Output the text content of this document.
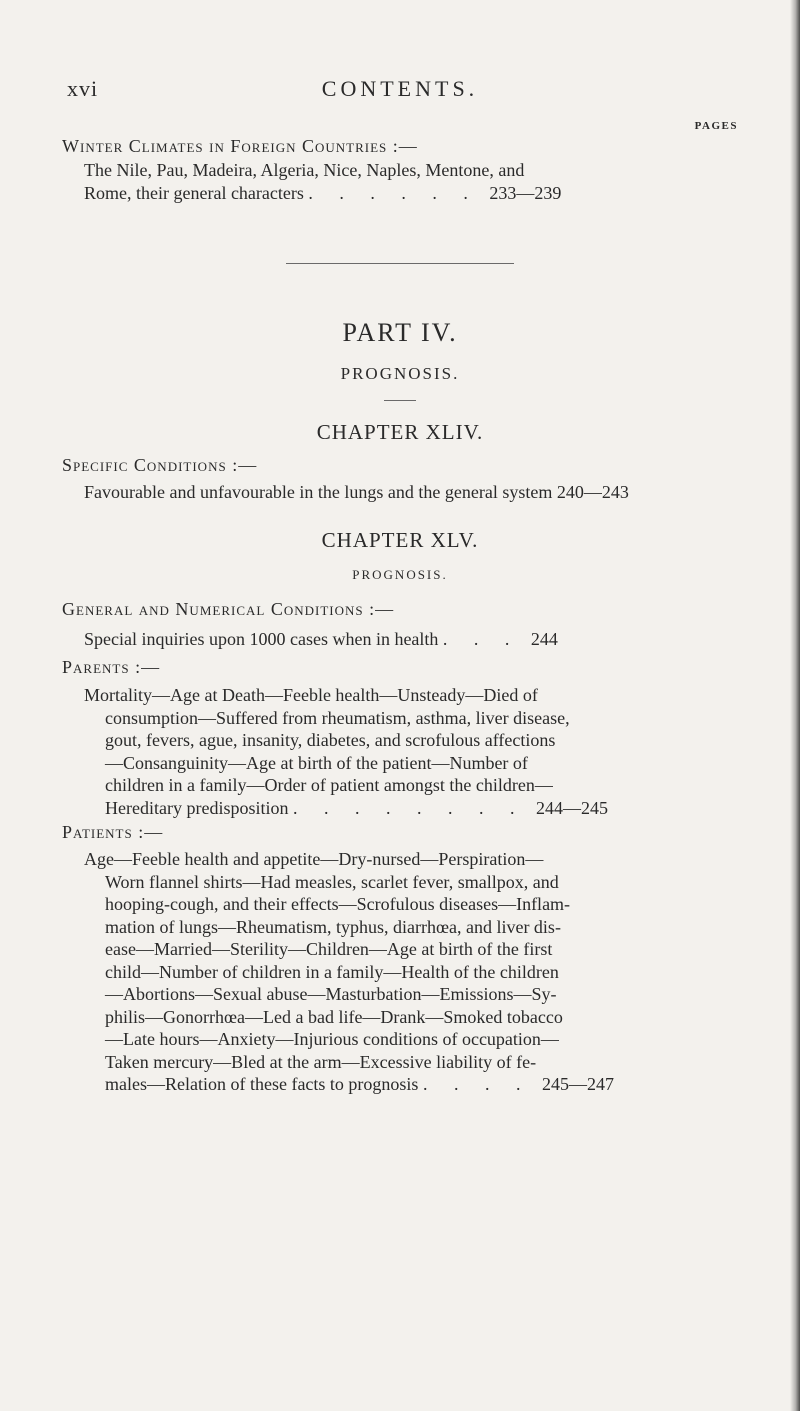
xvi	CONTENTS.
PAGES
Winter Climates in Foreign Countries :—
The Nile, Pau, Madeira, Algeria, Nice, Naples, Mentone, and
Rome, their general characters . . . . . . 233—239
PART IV.
PROGNOSIS.
CHAPTER XLIV.
Specific Conditions :—
Favourable and unfavourable in the lungs and the general system 240—243
CHAPTER XLV.
PROGNOSIS.
General and Numerical Conditions :—
Special inquiries upon 1000 cases when in health . . . 244
Parents :—
Mortality—Age at Death—Feeble health—Unsteady—Died of
consumption—Suffered from rheumatism, asthma, liver disease,
gout, fevers, ague, insanity, diabetes, and scrofulous affections
—Consanguinity—Age at birth of the patient—Number of
children in a family—Order of patient amongst the children—
Hereditary predisposition . . . . . . . . 244—245
Patients :—
Age—Feeble health and appetite—Dry-nursed—Perspiration—
Worn flannel shirts—Had measles, scarlet fever, smallpox, and
hooping-cough, and their effects—Scrofulous diseases—Inflam-
mation of lungs—Rheumatism, typhus, diarrhœa, and liver dis-
ease—Married—Sterility—Children—Age at birth of the first
child—Number of children in a family—Health of the children
—Abortions—Sexual abuse—Masturbation—Emissions—Sy-
philis—Gonorrhœa—Led a bad life—Drank—Smoked tobacco
—Late hours—Anxiety—Injurious conditions of occupation—
Taken mercury—Bled at the arm—Excessive liability of fe-
males—Relation of these facts to prognosis . . . . 245—247
